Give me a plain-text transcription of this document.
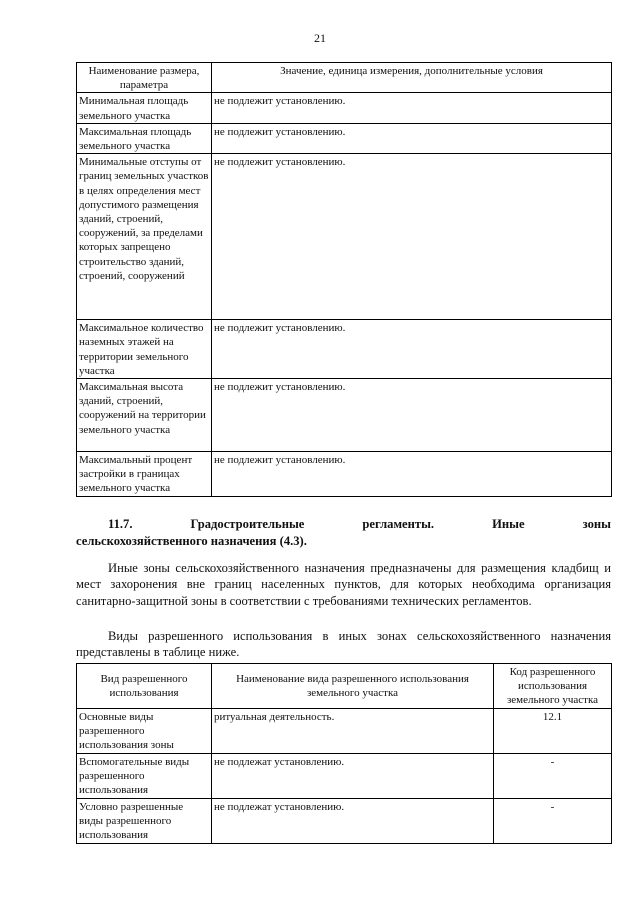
21
Наименование размера, параметра	Значение, единица измерения, дополнительные условия
Минимальная площадь земельного участка	не подлежит установлению.
Максимальная площадь земельного участка	не подлежит установлению.
Минимальные отступы от границ земельных участков в целях определения мест допустимого размещения зданий, строений, сооружений, за пределами которых запрещено строительство зданий, строений, сооружений	не подлежит установлению.
Максимальное количество наземных этажей на территории земельного участка	не подлежит установлению.
Максимальная высота зданий, строений, сооружений на территории земельного участка	не подлежит установлению.
Максимальный процент застройки в границах земельного участка	не подлежит установлению.
11.7.	Градостроительные	регламенты.	Иные	зоны
сельскохозяйственного назначения (4.3).

Иные зоны сельскохозяйственного назначения предназначены для размещения кладбищ и мест захоронения вне границ населенных пунктов, для которых необходима организация санитарно-защитной зоны в соответствии с требованиями технических регламентов.

Виды разрешенного использования в иных зонах сельскохозяйственного назначения представлены в таблице ниже.

Вид разрешенного использования	Наименование вида разрешенного использования земельного участка	Код разрешенного использования земельного участка
Основные виды разрешенного использования зоны	ритуальная деятельность.	12.1
Вспомогательные виды разрешенного использования	не подлежат установлению.	-
Условно разрешенные виды разрешенного использования	не подлежат установлению.	-
